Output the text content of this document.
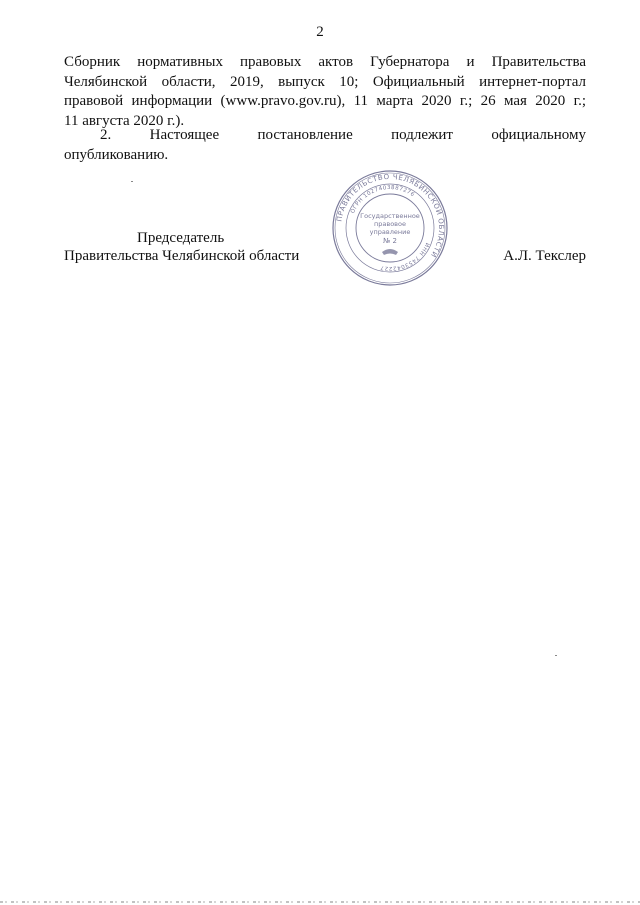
2
Сборник нормативных правовых актов Губернатора и Правительства
Челябинской области, 2019, выпуск 10; Официальный интернет-портал
правовой информации (www.pravo.gov.ru), 11 марта 2020 г.; 26 мая 2020 г.;
11 августа 2020 г.).
2. Настоящее постановление подлежит официальному
опубликованию.
ПРАВИТЕЛЬСТВО ЧЕЛЯБИНСКОЙ ОБЛАСТИ
ОГРН 1027403887276
ИНН 7453042227
Государственное
правовое
управление
№ 2
Председатель
Правительства Челябинской области	А.Л. Текслер
